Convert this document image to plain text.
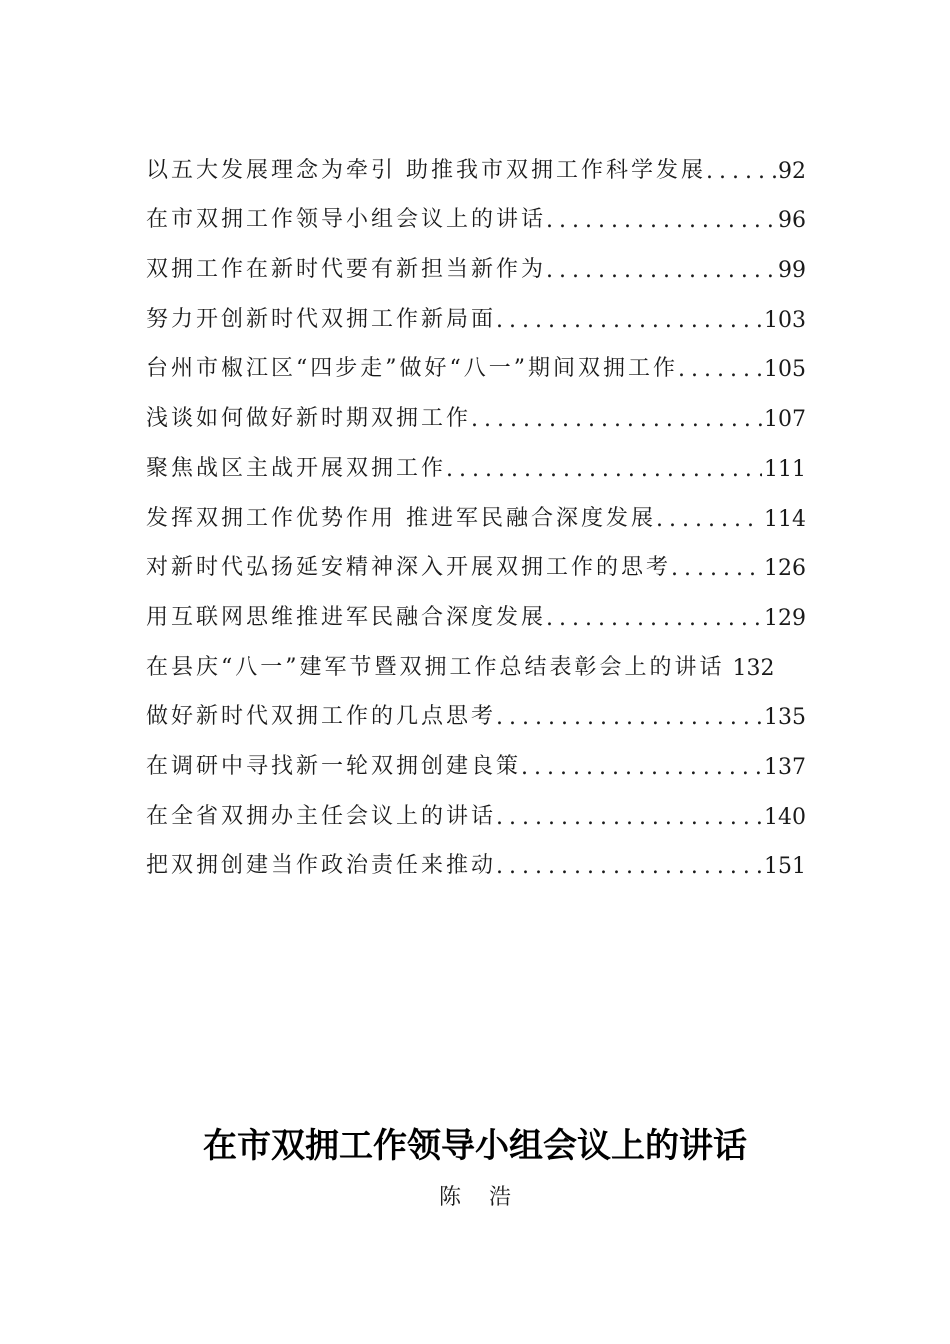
以五大发展理念为牵引 助推我市双拥工作科学发展 .....	92
在市双拥工作领导小组会议上的讲话 .....	96
双拥工作在新时代要有新担当新作为 .....	99
努力开创新时代双拥工作新局面 .....	103
台州市椒江区“四步走”做好“八一”期间双拥工作 .....	105
浅谈如何做好新时期双拥工作 .....	107
聚焦战区主战开展双拥工作 .....	111
发挥双拥工作优势作用 推进军民融合深度发展 .....	114
对新时代弘扬延安精神深入开展双拥工作的思考 .....	126
用互联网思维推进军民融合深度发展 .....	129
在县庆“八一”建军节暨双拥工作总结表彰会上的讲话 132
做好新时代双拥工作的几点思考 .....	135
在调研中寻找新一轮双拥创建良策 .....	137
在全省双拥办主任会议上的讲话 .....	140
把双拥创建当作政治责任来推动 .....	151
在市双拥工作领导小组会议上的讲话
陈浩
